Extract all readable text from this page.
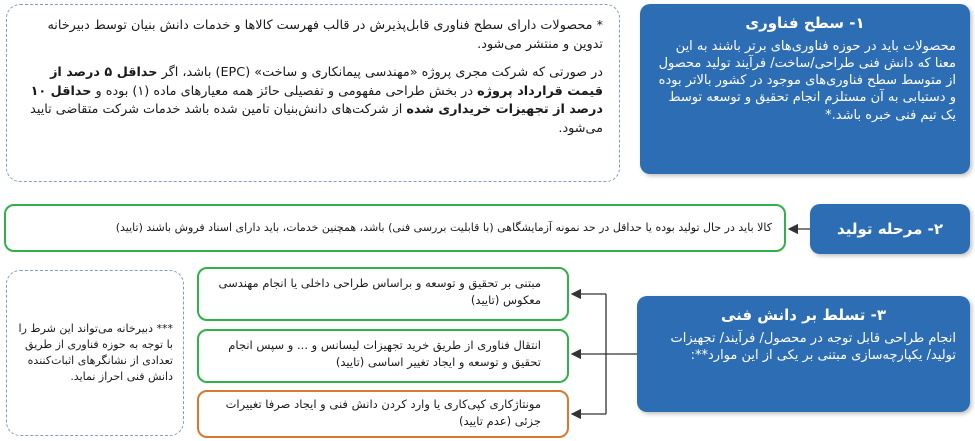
۱- سطح فناوری
محصولات باید در حوزه فناوری‌های برتر باشند به این معنا که دانش فنی طراحی/ساخت/ فرآیند تولید محصول از متوسط سطح فناوری‌های موجود در کشور بالاتر بوده و دستیابی به آن مستلزم انجام تحقیق و توسعه توسط یک تیم فنی خبره باشد.*

* محصولات دارای سطح فناوری قابل‌پذیرش در قالب فهرست کالاها و خدمات دانش بنیان توسط دبیرخانه تدوین و منتشر می‌شود.

در صورتی که شرکت مجری پروژه «مهندسی پیمانکاری و ساخت» (EPC) باشد، اگر حداقل ۵ درصد از قیمت قرارداد پروژه در بخش طراحی مفهومی و تفصیلی حائز همه معیارهای ماده (۱) بوده و حداقل ۱۰ درصد از تجهیزات خریداری شده از شرکت‌های دانش‌بنیان تامین شده باشد خدمات شرکت متقاضی تایید می‌شود.

۲- مرحله تولید
کالا باید در حال تولید بوده یا حداقل در حد نمونه آزمایشگاهی (با قابلیت بررسی فنی) باشد، همچنین خدمات، باید دارای اسناد فروش باشند (تایید)
۳- تسلط بر دانش فنی
انجام طراحی قابل توجه در محصول/ فرآیند/ تجهیزات تولید/ یکپارچه‌سازی مبتنی بر یکی از این موارد**:
مبتنی بر تحقیق و توسعه و براساس طراحی داخلی یا انجام مهندسی معکوس (تایید)
انتقال فناوری از طریق خرید تجهیزات لیسانس و ... و سپس انجام تحقیق و توسعه و ایجاد تغییر اساسی (تایید)
مونتاژکاری کپی‌کاری یا وارد کردن دانش فنی و ایجاد صرفا تغییرات جزئی (عدم تایید)
*** دبیرخانه می‌تواند این شرط را با توجه به حوزه فناوری از طریق تعدادی از نشانگرهای اثبات‌کننده دانش فنی احراز نماید.
